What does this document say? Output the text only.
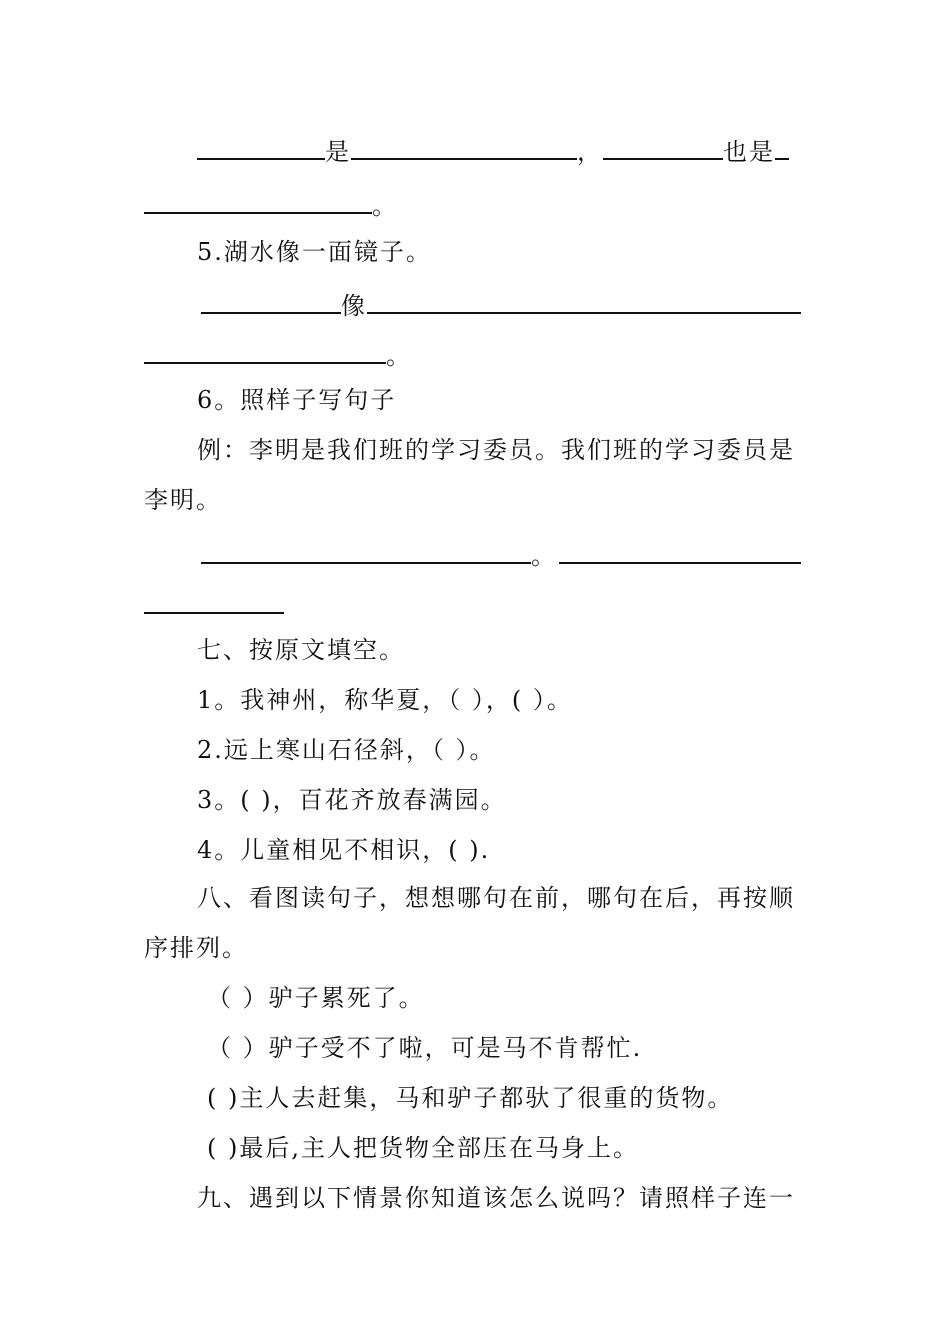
是	，	也是
。
5.湖水像一面镜子。
像
。
6。照样子写句子
例：李明是我们班的学习委员。我们班的学习委员是
李明。
。
七、按原文填空。
1。我神州，称华夏，（ ），( ）。
2.远上寒山石径斜，（ ）。
3。( )，百花齐放春满园。
4。儿童相见不相识，( ).
八、看图读句子，想想哪句在前，哪句在后，再按顺
序排列。
（ ）驴子累死了。
（ ）驴子受不了啦，可是马不肯帮忙.
( )主人去赶集，马和驴子都驮了很重的货物。
( )最后,主人把货物全部压在马身上。
九、遇到以下情景你知道该怎么说吗？请照样子连一
